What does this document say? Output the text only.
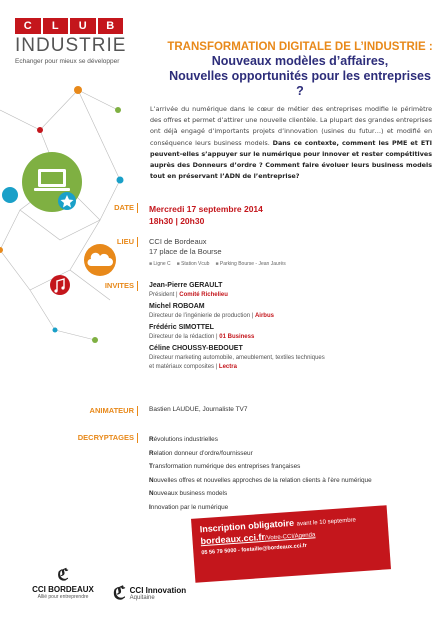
C	L	U	B
INDUSTRIE
Echanger pour mieux se développer
TRANSFORMATION DIGITALE DE L’INDUSTRIE :
Nouveaux modèles d’affaires,
Nouvelles opportunités pour les entreprises ?
L’arrivée du numérique dans le cœur de métier des entreprises modifie le périmètre des offres et permet d’attirer une nouvelle clientèle. La plupart des grandes entreprises ont déjà engagé d’importants projets d’innovation (usines du futur…) et modifié en conséquence leurs business models. Dans ce contexte, comment les PME et ETI peuvent-elles s’appuyer sur le numérique pour innover et rester compétitives auprès des Donneurs d’ordre ? Comment faire évoluer leurs business models tout en préservant l’ADN de l’entreprise?
DATE	Mercredi 17 septembre 2014
18h30 | 20h30
LIEU	CCI de Bordeaux
17 place de la Bourse
■ Ligne C	■ Station Vcub	■ Parking Bourse - Jean Jaurès
INVITES	Jean-Pierre GERAULT
Président | Comité Richelieu
Michel ROBOAM
Directeur de l’ingénierie de production | Airbus
Frédéric SIMOTTEL
Directeur de la rédaction | 01 Business
Céline CHOUSSY-BEDOUET
Directeur marketing automobile, ameublement, textiles techniques et matériaux composites | Lectra
ANIMATEUR	Bastien LAUDUE, Journaliste TV7
DECRYPTAGES	Révolutions industrielles
Relation donneur d’ordre/fournisseur
Transformation numérique des entreprises françaises
Nouvelles offres et nouvelles approches de la relation clients à l’ère numérique
Nouveaux business models
Innovation par le numérique
Inscription obligatoire avant le 10 septembre
bordeaux.cci.fr/Votre-CCI/Agenda
05 56 79 5000 - fostaille@bordeaux.cci.fr
ℭ
CCI BORDEAUX
Allié pour entreprendre	ℭ CCI Innovation
Aquitaine
